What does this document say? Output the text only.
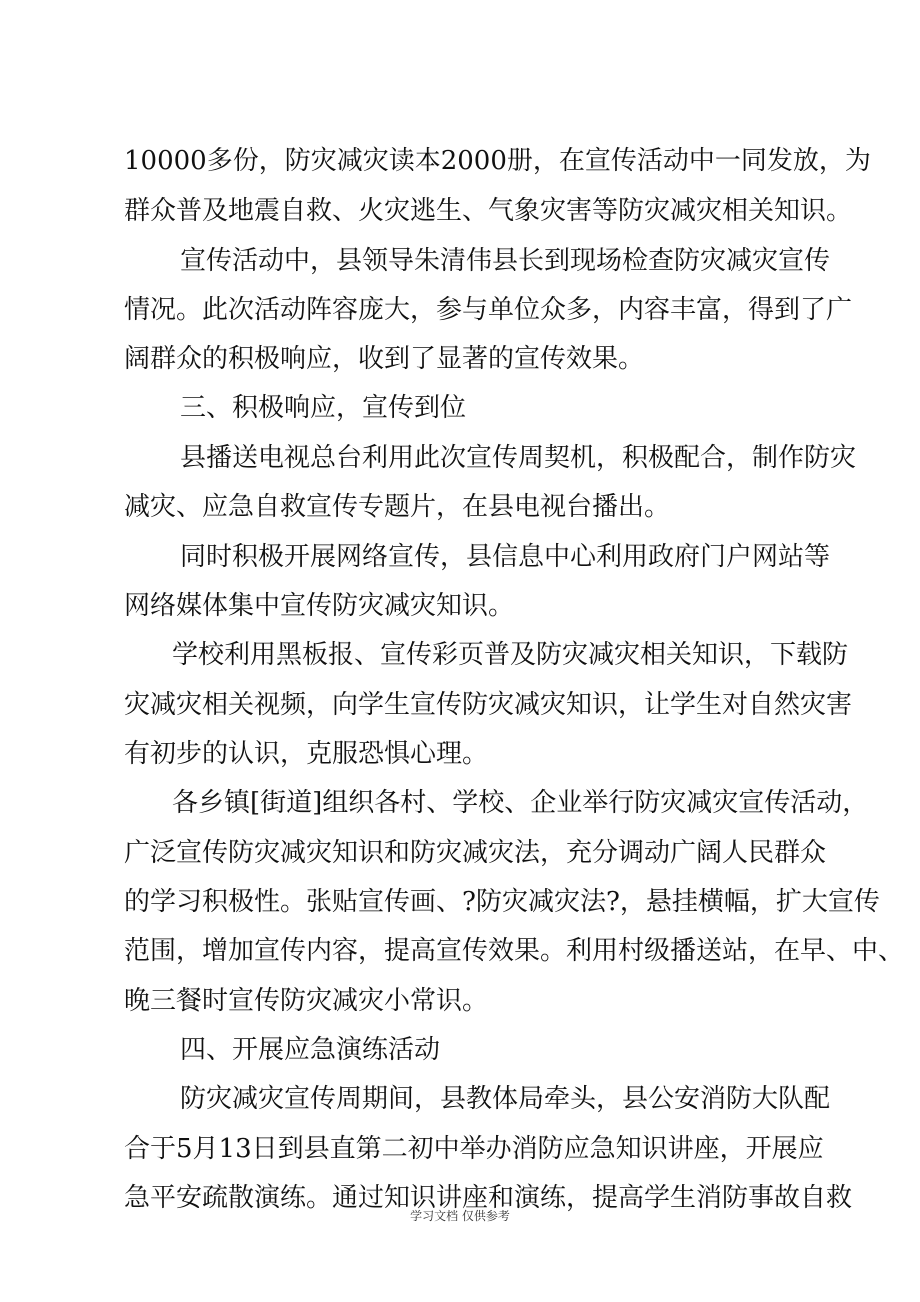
10000多份，防灾减灾读本2000册，在宣传活动中一同发放，为
群众普及地震自救、火灾逃生、气象灾害等防灾减灾相关知识。
宣传活动中，县领导朱清伟县长到现场检查防灾减灾宣传
情况。此次活动阵容庞大，参与单位众多，内容丰富，得到了广
阔群众的积极响应，收到了显著的宣传效果。
三、积极响应，宣传到位
县播送电视总台利用此次宣传周契机，积极配合，制作防灾
减灾、应急自救宣传专题片，在县电视台播出。
同时积极开展网络宣传，县信息中心利用政府门户网站等
网络媒体集中宣传防灾减灾知识。
学校利用黑板报、宣传彩页普及防灾减灾相关知识，下载防
灾减灾相关视频，向学生宣传防灾减灾知识，让学生对自然灾害
有初步的认识，克服恐惧心理。
各乡镇[街道]组织各村、学校、企业举行防灾减灾宣传活动，
广泛宣传防灾减灾知识和防灾减灾法，充分调动广阔人民群众
的学习积极性。张贴宣传画、?防灾减灾法?，悬挂横幅，扩大宣传
范围，增加宣传内容，提高宣传效果。利用村级播送站，在早、中、
晚三餐时宣传防灾减灾小常识。
四、开展应急演练活动
防灾减灾宣传周期间，县教体局牵头，县公安消防大队配
合于5月13日到县直第二初中举办消防应急知识讲座，开展应
急平安疏散演练。通过知识讲座和演练，提高学生消防事故自救
学习文档 仅供参考
